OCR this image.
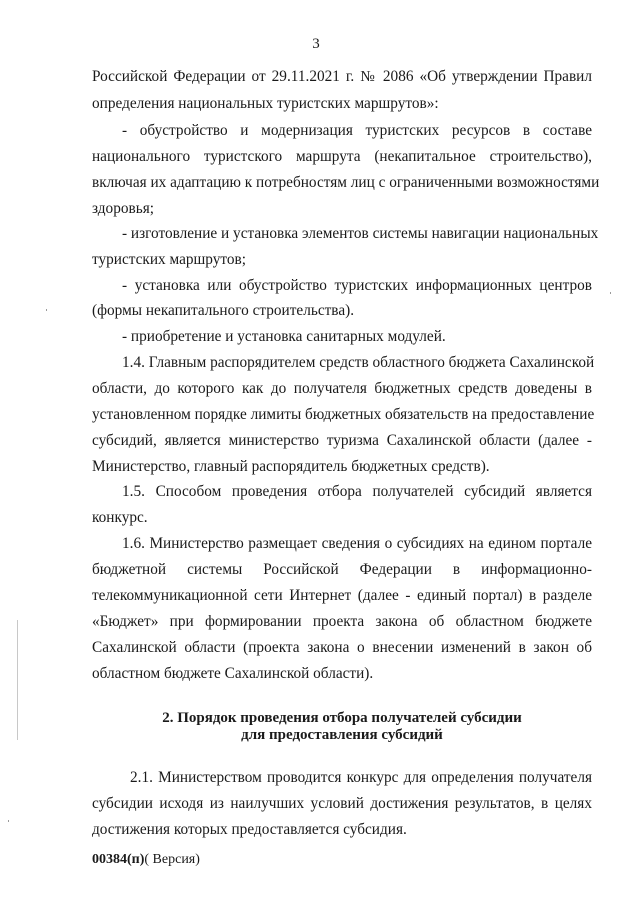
3
Российской Федерации от 29.11.2021 г. № 2086 «Об утверждении Правил
определения национальных туристских маршрутов»:
- обустройство и модернизация туристских ресурсов в составе
национального туристского маршрута (некапитальное строительство),
включая их адаптацию к потребностям лиц с ограниченными возможностями
здоровья;
- изготовление и установка элементов системы навигации национальных
туристских маршрутов;
- установка или обустройство туристских информационных центров
(формы некапитального строительства).
- приобретение и установка санитарных модулей.
1.4. Главным распорядителем средств областного бюджета Сахалинской
области, до которого как до получателя бюджетных средств доведены в
установленном порядке лимиты бюджетных обязательств на предоставление
субсидий, является министерство туризма Сахалинской области (далее -
Министерство, главный распорядитель бюджетных средств).
1.5. Способом проведения отбора получателей субсидий является
конкурс.
1.6. Министерство размещает сведения о субсидиях на едином портале
бюджетной системы Российской Федерации в информационно-
телекоммуникационной сети Интернет (далее - единый портал) в разделе
«Бюджет» при формировании проекта закона об областном бюджете
Сахалинской области (проекта закона о внесении изменений в закон об
областном бюджете Сахалинской области).
2. Порядок проведения отбора получателей субсидии
для предоставления субсидий
2.1. Министерством проводится конкурс для определения получателя
субсидии исходя из наилучших условий достижения результатов, в целях
достижения которых предоставляется субсидия.
00384(п)( Версия)
